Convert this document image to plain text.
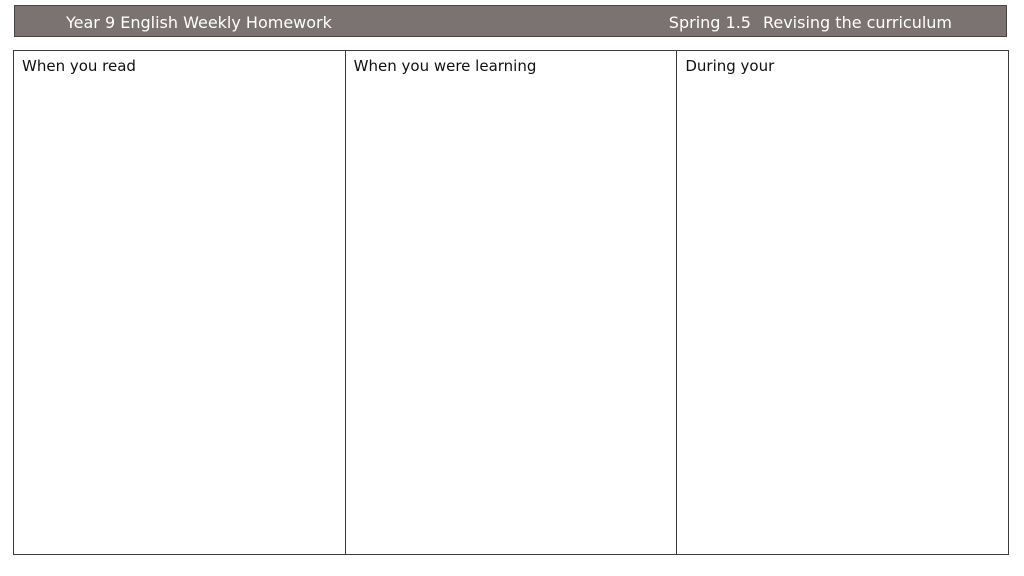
Year 9 English Weekly Homework	Spring 1.5 Revising the curriculum
When you read	When you were learning	During your
